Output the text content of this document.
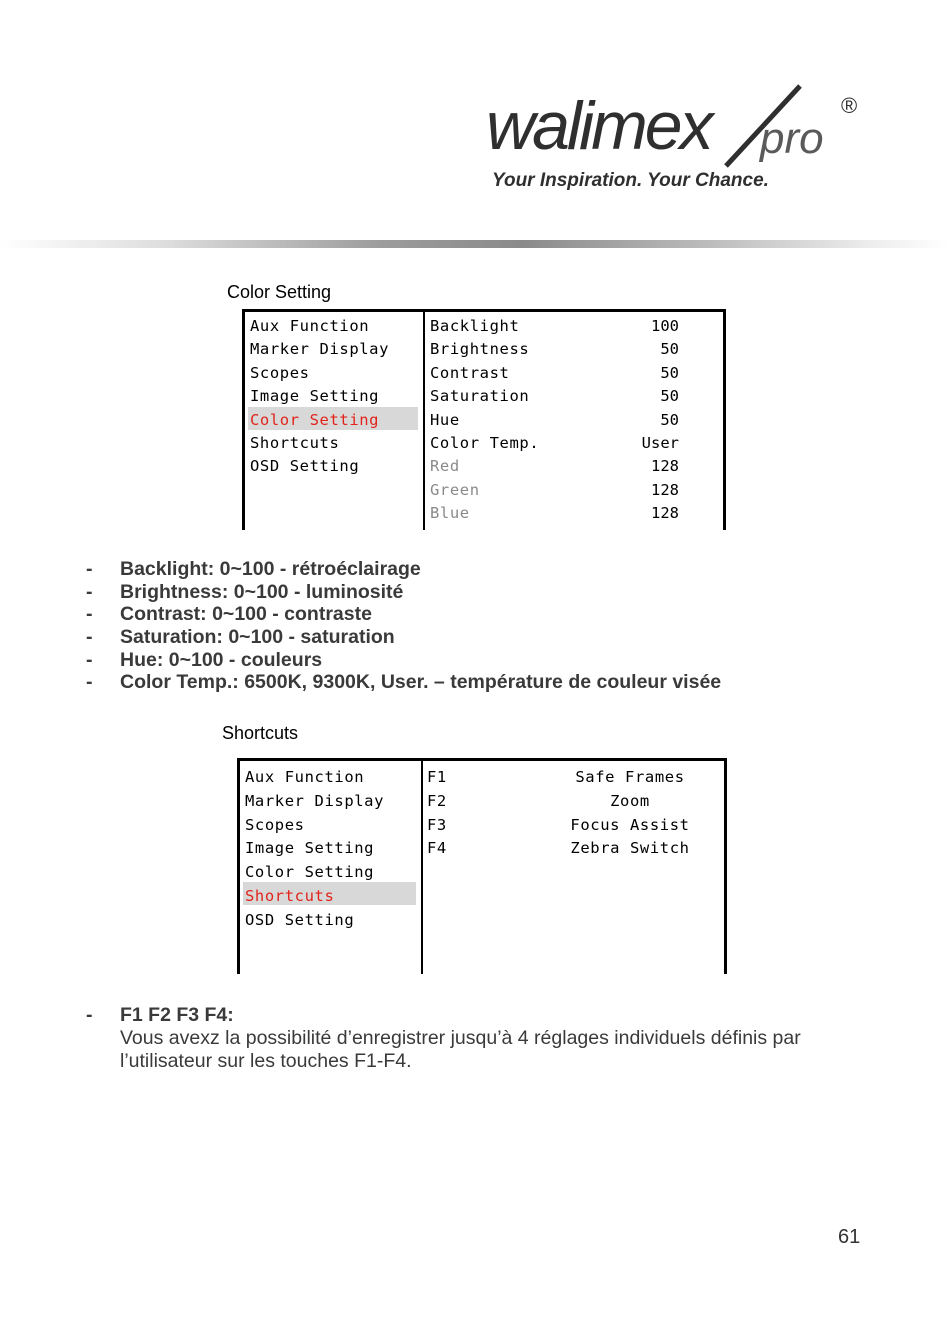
walimex pro
®
Your Inspiration. Your Chance.
Color Setting
Aux Function
Marker Display
Scopes
Image Setting
Color Setting
Shortcuts
OSD Setting
Backlight	100
Brightness	50
Contrast	50
Saturation	50
Hue	50
Color Temp.	User
Red	128
Green	128
Blue	128
- Backlight: 0~100 - rétroéclairage
- Brightness: 0~100 - luminosité
- Contrast: 0~100 - contraste
- Saturation: 0~100 - saturation
- Hue: 0~100 - couleurs
- Color Temp.: 6500K, 9300K, User. – température de couleur visée
Shortcuts
Aux Function
Marker Display
Scopes
Image Setting
Color Setting
Shortcuts
OSD Setting
F1	Safe Frames
F2	Zoom
F3	Focus Assist
F4	Zebra Switch
- F1 F2 F3 F4:
Vous avexz la possibilité d’enregistrer jusqu’à 4 réglages individuels définis par l’utilisateur sur les touches F1-F4.
61
